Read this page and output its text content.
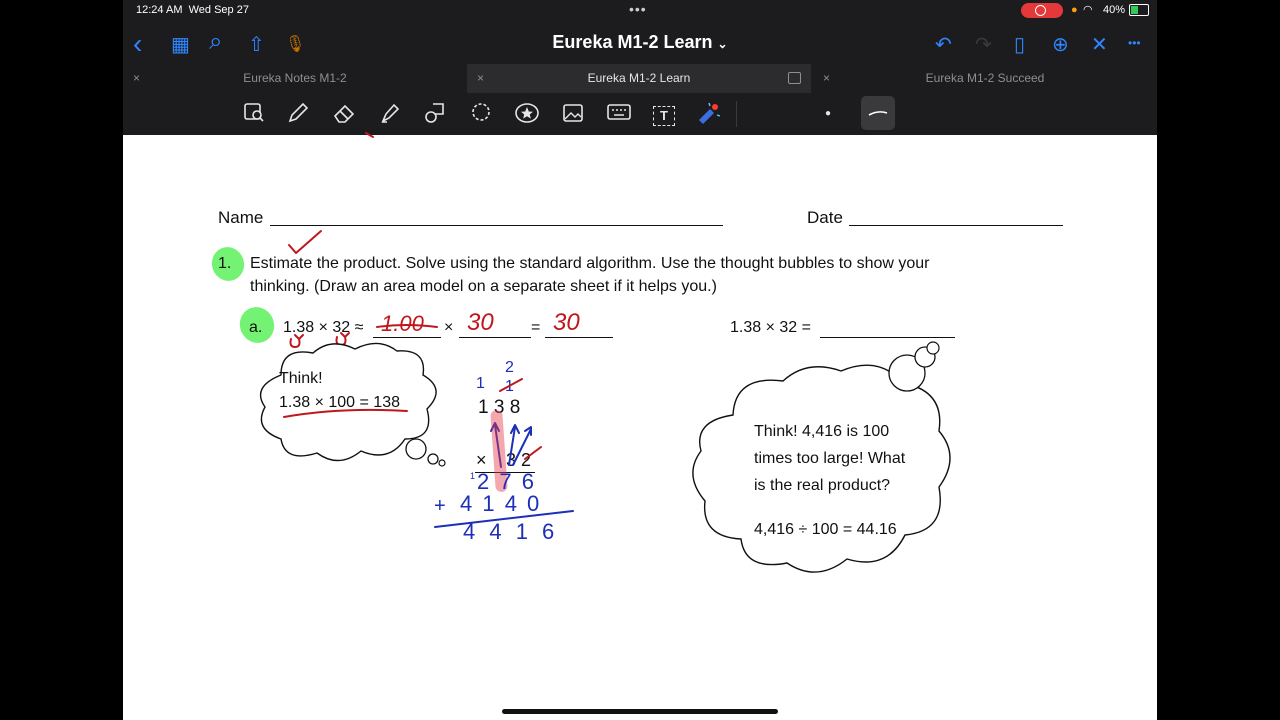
12:24 AM Wed Sep 27	•••	● ◠ 40%
‹ ▦ ⌕ ⇧ 🎙	Eureka M1-2 Learn ⌄	↶ ↷ ▯ ⊕ ✕ •••
×	Eureka Notes M1-2	×	Eureka M1-2 Learn	×	Eureka M1-2 Succeed
T	●
Name	Date
1. Estimate the product. Solve using the standard algorithm. Use the thought bubbles to show your
thinking. (Draw an area model on a separate sheet if it helps you.)
a. 1.38 × 32 ≈ 1.00 × 30 = 30	1.38 × 32 =
Think!
1.38 × 100 = 138
Think! 4,416 is 100
times too large! What
is the real product?
4,416 ÷ 100 = 44.16
2
1 1
1 3 8
× 3 2
1 2 7 6
+ 4 1 4 0
4 4 1 6
